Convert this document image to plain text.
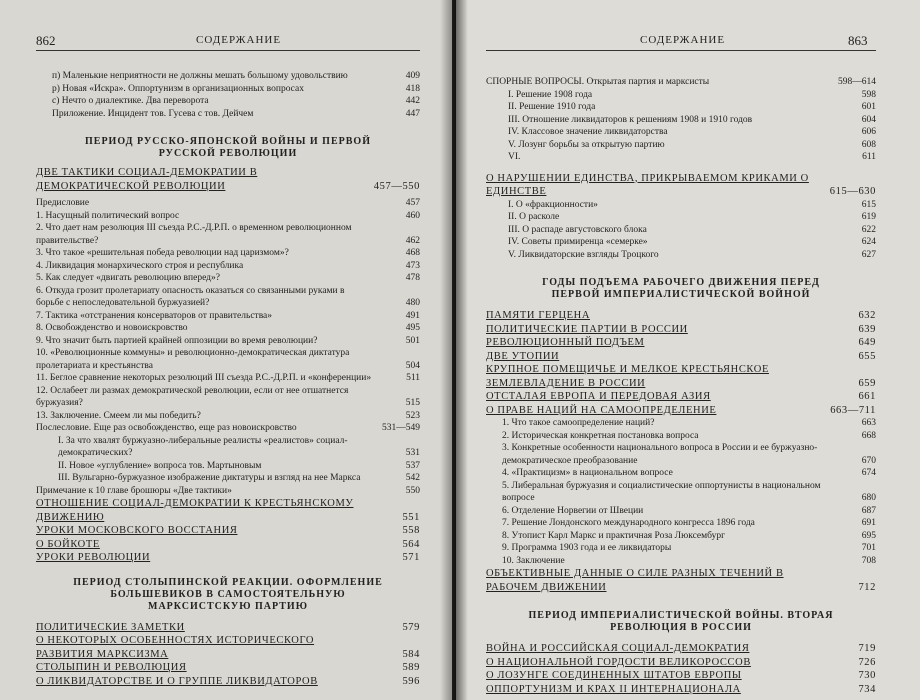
862	СОДЕРЖАНИЕ
п) Маленькие неприятности не должны мешать большому удовольствию	409
р) Новая «Искра». Оппортунизм в организационных вопросах	418
с) Нечто о диалектике. Два переворота	442
Приложение. Инцидент тов. Гусева с тов. Дейчем	447
ПЕРИОД РУССКО-ЯПОНСКОЙ ВОЙНЫ И ПЕРВОЙ РУССКОЙ РЕВОЛЮЦИИ
ДВЕ ТАКТИКИ СОЦИАЛ-ДЕМОКРАТИИ В ДЕМОКРАТИЧЕСКОЙ РЕВОЛЮЦИИ	457—550
Предисловие	457
1. Насущный политический вопрос	460
2. Что дает нам резолюция III съезда Р.С.-Д.Р.П. о временном революционном правительстве?	462
3. Что такое «решительная победа революции над царизмом»?	468
4. Ликвидация монархического строя и республика	473
5. Как следует «двигать революцию вперед»?	478
6. Откуда грозит пролетариату опасность оказаться со связанными руками в борьбе с непоследовательной буржуазией?	480
7. Тактика «отстранения консерваторов от правительства»	491
8. Освобожденство и новоискровство	495
9. Что значит быть партией крайней оппозиции во время революции?	501
10. «Революционные коммуны» и революционно-демократическая диктатура пролетариата и крестьянства	504
11. Беглое сравнение некоторых резолюций III съезда Р.С.-Д.Р.П. и «конференции»	511
12. Ослабеет ли размах демократической революции, если от нее отшатнется буржуазия?	515
13. Заключение. Смеем ли мы победить?	523
Послесловие. Еще раз освобожденство, еще раз новоискровство	531—549
I. За что хвалят буржуазно-либеральные реалисты «реалистов» социал-демократических?	531
II. Новое «углубление» вопроса тов. Мартыновым	537
III. Вульгарно-буржуазное изображение диктатуры и взгляд на нее Маркса	542
Примечание к 10 главе брошюры «Две тактики»	550
ОТНОШЕНИЕ СОЦИАЛ-ДЕМОКРАТИИ К КРЕСТЬЯНСКОМУ ДВИЖЕНИЮ	551
УРОКИ МОСКОВСКОГО ВОССТАНИЯ	558
О БОЙКОТЕ	564
УРОКИ РЕВОЛЮЦИИ	571
ПЕРИОД СТОЛЫПИНСКОЙ РЕАКЦИИ. ОФОРМЛЕНИЕ БОЛЬШЕВИКОВ В САМОСТОЯТЕЛЬНУЮ МАРКСИСТСКУЮ ПАРТИЮ
ПОЛИТИЧЕСКИЕ ЗАМЕТКИ	579
О НЕКОТОРЫХ ОСОБЕННОСТЯХ ИСТОРИЧЕСКОГО РАЗВИТИЯ МАРКСИЗМА	584
СТОЛЫПИН И РЕВОЛЮЦИЯ	589
О ЛИКВИДАТОРСТВЕ И О ГРУППЕ ЛИКВИДАТОРОВ	596
СОДЕРЖАНИЕ	863
СПОРНЫЕ ВОПРОСЫ. Открытая партия и марксисты	598—614
I. Решение 1908 года	598
II. Решение 1910 года	601
III. Отношение ликвидаторов к решениям 1908 и 1910 годов	604
IV. Классовое значение ликвидаторства	606
V. Лозунг борьбы за открытую партию	608
VI.	611
О НАРУШЕНИИ ЕДИНСТВА, ПРИКРЫВАЕМОМ КРИКАМИ О ЕДИНСТВЕ	615—630
I. О «фракционности»	615
II. О расколе	619
III. О распаде августовского блока	622
IV. Советы примиренца «семерке»	624
V. Ликвидаторские взгляды Троцкого	627
ГОДЫ ПОДЪЕМА РАБОЧЕГО ДВИЖЕНИЯ ПЕРЕД ПЕРВОЙ ИМПЕРИАЛИСТИЧЕСКОЙ ВОЙНОЙ
ПАМЯТИ ГЕРЦЕНА	632
ПОЛИТИЧЕСКИЕ ПАРТИИ В РОССИИ	639
РЕВОЛЮЦИОННЫЙ ПОДЪЕМ	649
ДВЕ УТОПИИ	655
КРУПНОЕ ПОМЕЩИЧЬЕ И МЕЛКОЕ КРЕСТЬЯНСКОЕ ЗЕМЛЕВЛАДЕНИЕ В РОССИИ	659
ОТСТАЛАЯ ЕВРОПА И ПЕРЕДОВАЯ АЗИЯ	661
О ПРАВЕ НАЦИЙ НА САМООПРЕДЕЛЕНИЕ	663—711
1. Что такое самоопределение наций?	663
2. Историческая конкретная постановка вопроса	668
3. Конкретные особенности национального вопроса в России и ее буржуазно-демократическое преобразование	670
4. «Практицизм» в национальном вопросе	674
5. Либеральная буржуазия и социалистические оппортунисты в национальном вопросе	680
6. Отделение Норвегии от Швеции	687
7. Решение Лондонского международного конгресса 1896 года	691
8. Утопист Карл Маркс и практичная Роза Люксембург	695
9. Программа 1903 года и ее ликвидаторы	701
10. Заключение	708
ОБЪЕКТИВНЫЕ ДАННЫЕ О СИЛЕ РАЗНЫХ ТЕЧЕНИЙ В РАБОЧЕМ ДВИЖЕНИИ	712
ПЕРИОД ИМПЕРИАЛИСТИЧЕСКОЙ ВОЙНЫ. ВТОРАЯ РЕВОЛЮЦИЯ В РОССИИ
ВОЙНА И РОССИЙСКАЯ СОЦИАЛ-ДЕМОКРАТИЯ	719
О НАЦИОНАЛЬНОЙ ГОРДОСТИ ВЕЛИКОРОССОВ	726
О ЛОЗУНГЕ СОЕДИНЕННЫХ ШТАТОВ ЕВРОПЫ	730
ОППОРТУНИЗМ И КРАХ II ИНТЕРНАЦИОНАЛА	734
